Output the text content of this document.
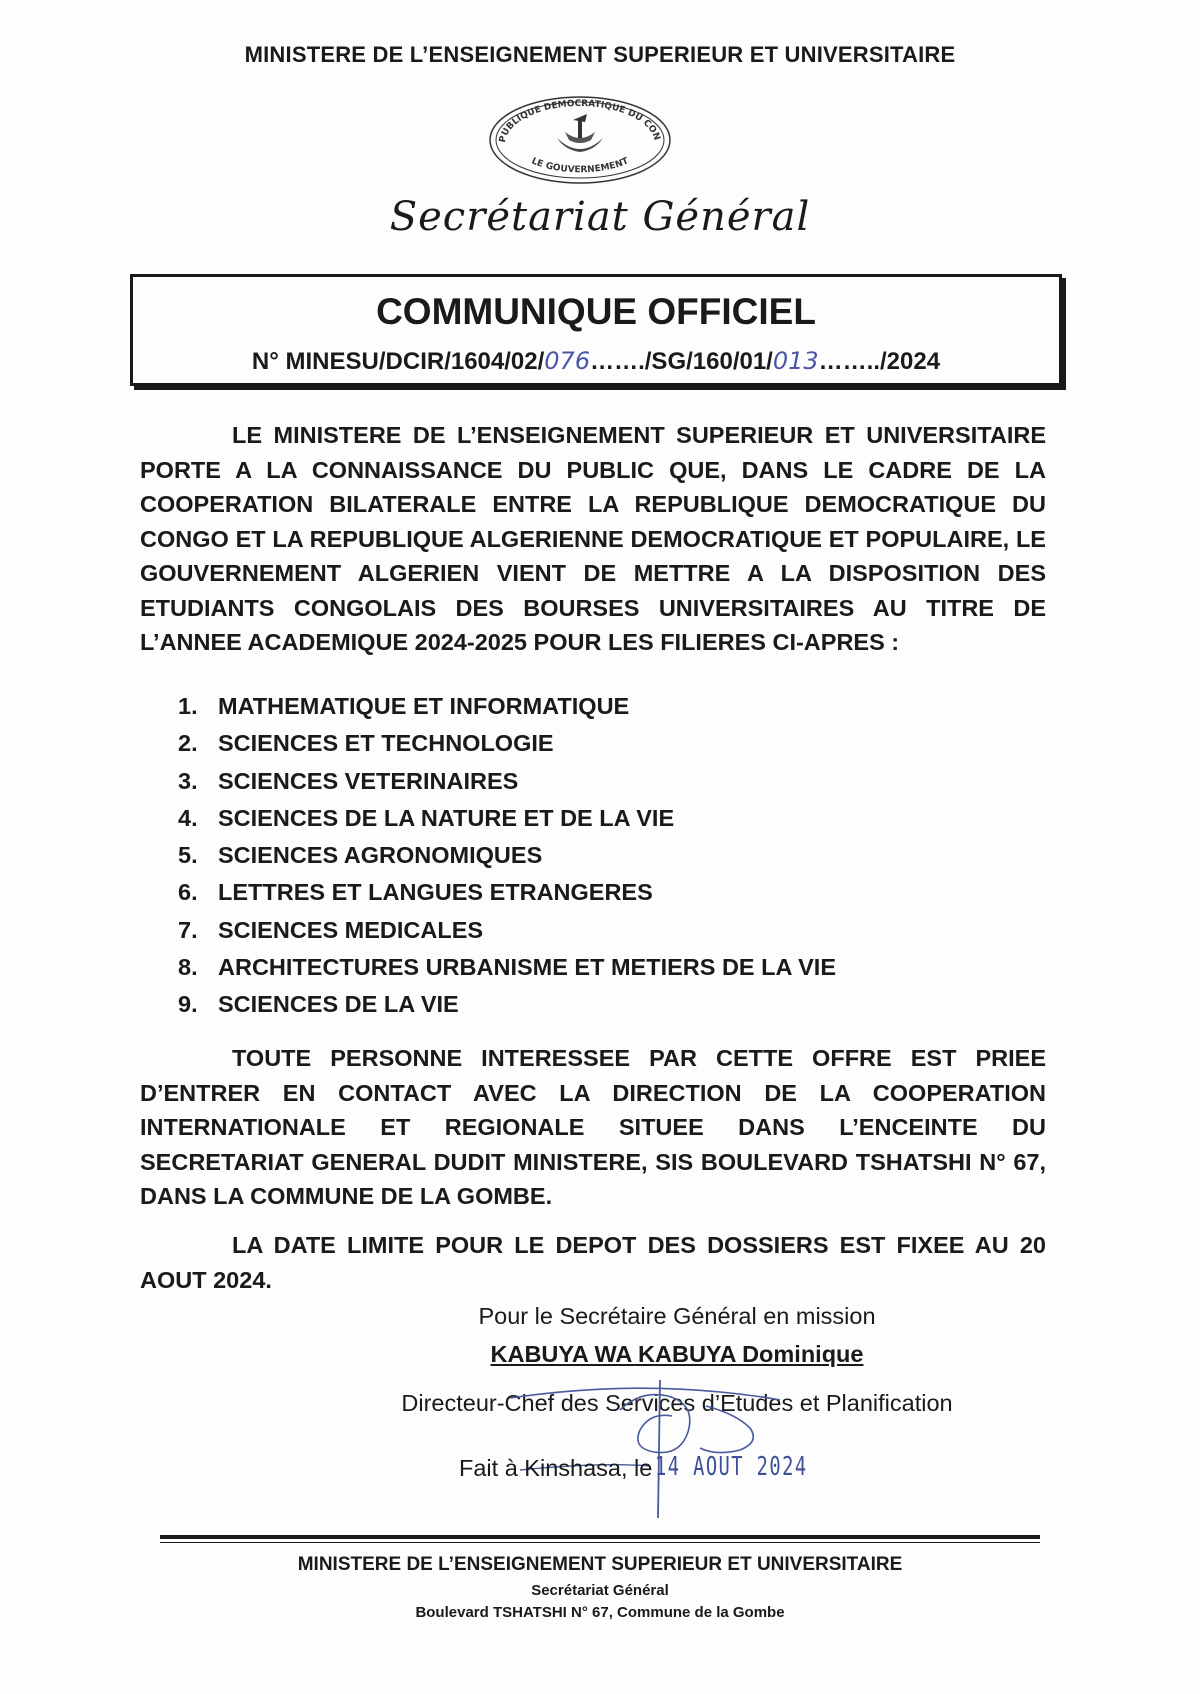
MINISTERE DE L’ENSEIGNEMENT SUPERIEUR ET UNIVERSITAIRE
PUBLIQUE DEMOCRATIQUE DU CON
LE GOUVERNEMENT
Secrétariat Général
COMMUNIQUE OFFICIEL
N° MINESU/DCIR/1604/02/076……./SG/160/01/013……../2024
LE MINISTERE DE L’ENSEIGNEMENT SUPERIEUR ET UNIVERSITAIRE PORTE A LA CONNAISSANCE DU PUBLIC QUE, DANS LE CADRE DE LA COOPERATION BILATERALE ENTRE LA REPUBLIQUE DEMOCRATIQUE DU CONGO ET LA REPUBLIQUE ALGERIENNE DEMOCRATIQUE ET POPULAIRE, LE GOUVERNEMENT ALGERIEN VIENT DE METTRE A LA DISPOSITION DES ETUDIANTS CONGOLAIS DES BOURSES UNIVERSITAIRES AU TITRE DE L’ANNEE ACADEMIQUE 2024-2025 POUR LES FILIERES CI-APRES :
1. MATHEMATIQUE ET INFORMATIQUE
2. SCIENCES ET TECHNOLOGIE
3. SCIENCES VETERINAIRES
4. SCIENCES DE LA NATURE ET DE LA VIE
5. SCIENCES AGRONOMIQUES
6. LETTRES ET LANGUES ETRANGERES
7. SCIENCES MEDICALES
8. ARCHITECTURES URBANISME ET METIERS DE LA VIE
9. SCIENCES DE LA VIE
TOUTE PERSONNE INTERESSEE PAR CETTE OFFRE EST PRIEE D’ENTRER EN CONTACT AVEC LA DIRECTION DE LA COOPERATION INTERNATIONALE ET REGIONALE SITUEE DANS L’ENCEINTE DU SECRETARIAT GENERAL DUDIT MINISTERE, SIS BOULEVARD TSHATSHI N° 67, DANS LA COMMUNE DE LA GOMBE.
LA DATE LIMITE POUR LE DEPOT DES DOSSIERS EST FIXEE AU 20 AOUT 2024.
Pour le Secrétaire Général en mission
KABUYA WA KABUYA Dominique
Directeur-Chef des Services d’Etudes et Planification
Fait à Kinshasa, le 14 AOUT 2024
MINISTERE DE L’ENSEIGNEMENT SUPERIEUR ET UNIVERSITAIRE
Secrétariat Général
Boulevard TSHATSHI N° 67, Commune de la Gombe
